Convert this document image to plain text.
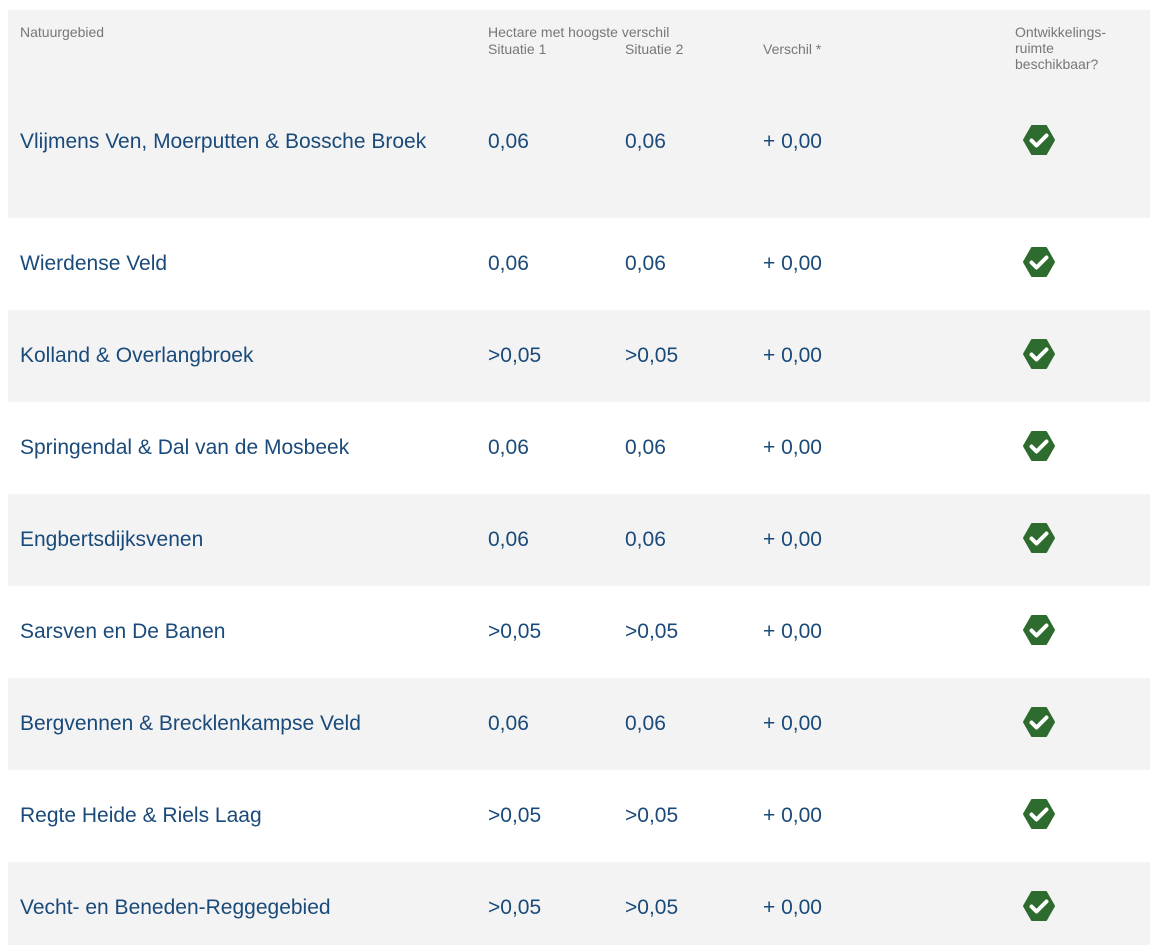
Natuurgebied	Hectare met hoogste verschil
Situatie 1	Situatie 2	Verschil *
Ontwikkelings-
ruimte
beschikbaar?
Vlijmens Ven, Moerputten & Bossche Broek	0,06	0,06	+ 0,00
Wierdense Veld	0,06	0,06	+ 0,00
Kolland & Overlangbroek	>0,05	>0,05	+ 0,00
Springendal & Dal van de Mosbeek	0,06	0,06	+ 0,00
Engbertsdijksvenen	0,06	0,06	+ 0,00
Sarsven en De Banen	>0,05	>0,05	+ 0,00
Bergvennen & Brecklenkampse Veld	0,06	0,06	+ 0,00
Regte Heide & Riels Laag	>0,05	>0,05	+ 0,00
Vecht- en Beneden-Reggegebied	>0,05	>0,05	+ 0,00
